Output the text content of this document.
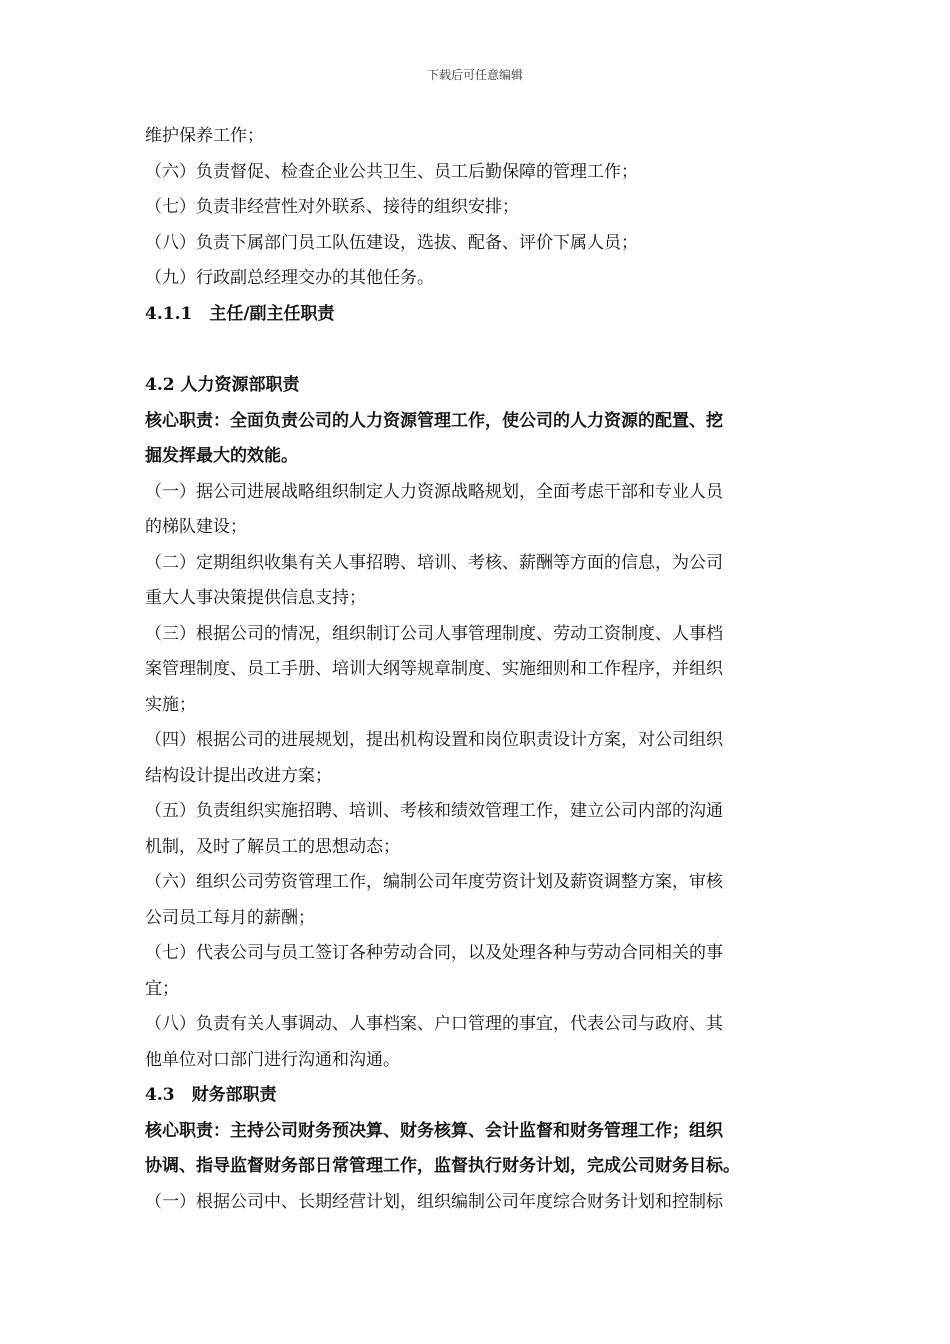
下载后可任意编辑
维护保养工作；
（六）负责督促、检查企业公共卫生、员工后勤保障的管理工作；
（七）负责非经营性对外联系、接待的组织安排；
（八）负责下属部门员工队伍建设，选拔、配备、评价下属人员；
（九）行政副总经理交办的其他任务。
4.1.1　主任/副主任职责
4.2 人力资源部职责
核心职责：全面负责公司的人力资源管理工作，使公司的人力资源的配置、挖
掘发挥最大的效能。
（一）据公司进展战略组织制定人力资源战略规划，全面考虑干部和专业人员
的梯队建设；
（二）定期组织收集有关人事招聘、培训、考核、薪酬等方面的信息，为公司
重大人事决策提供信息支持；
（三）根据公司的情况，组织制订公司人事管理制度、劳动工资制度、人事档
案管理制度、员工手册、培训大纲等规章制度、实施细则和工作程序，并组织
实施；
（四）根据公司的进展规划，提出机构设置和岗位职责设计方案，对公司组织
结构设计提出改进方案；
（五）负责组织实施招聘、培训、考核和绩效管理工作，建立公司内部的沟通
机制，及时了解员工的思想动态；
（六）组织公司劳资管理工作，编制公司年度劳资计划及薪资调整方案，审核
公司员工每月的薪酬；
（七）代表公司与员工签订各种劳动合同，以及处理各种与劳动合同相关的事
宜；
（八）负责有关人事调动、人事档案、户口管理的事宜，代表公司与政府、其
他单位对口部门进行沟通和沟通。
4.3　财务部职责
核心职责：主持公司财务预决算、财务核算、会计监督和财务管理工作；组织
协调、指导监督财务部日常管理工作，监督执行财务计划，完成公司财务目标。
（一）根据公司中、长期经营计划，组织编制公司年度综合财务计划和控制标
